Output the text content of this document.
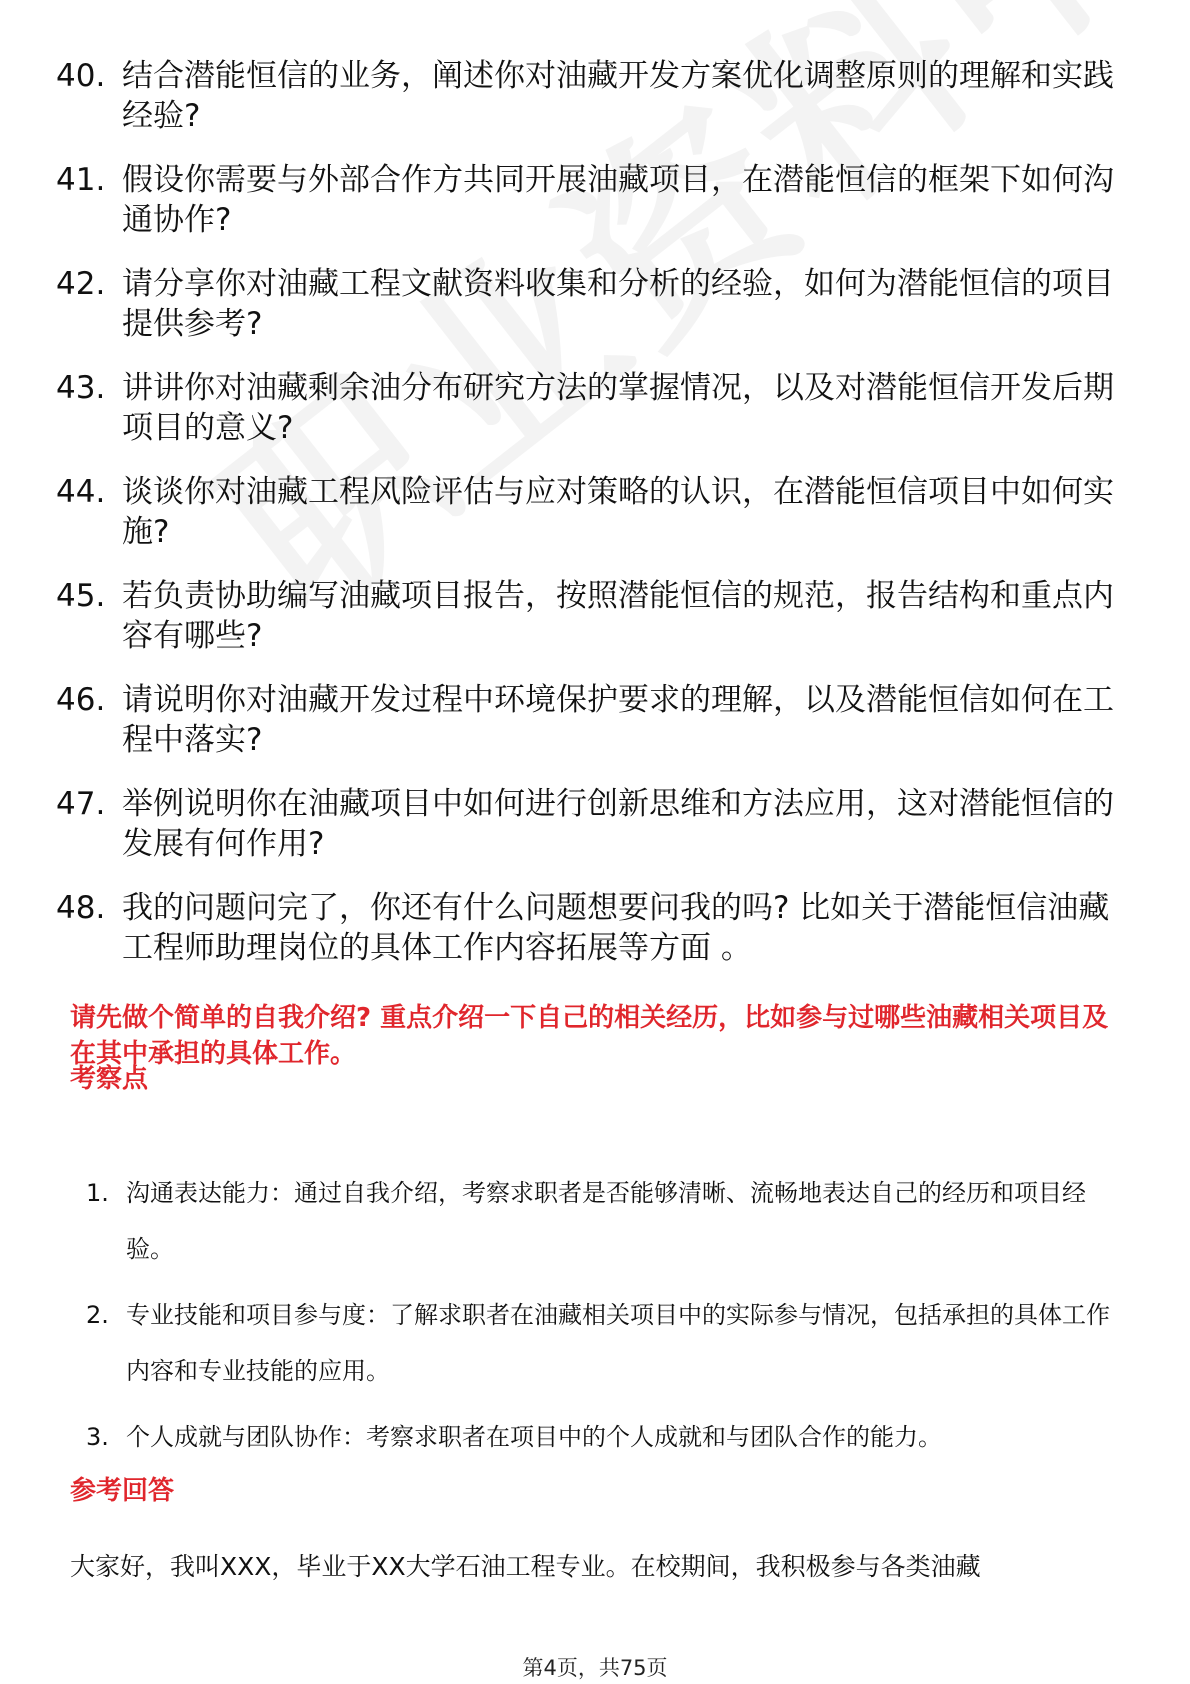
40. 结合潜能恒信的业务，阐述你对油藏开发方案优化调整原则的理解和实践经验?
41. 假设你需要与外部合作方共同开展油藏项目，在潜能恒信的框架下如何沟通协作?
42. 请分享你对油藏工程文献资料收集和分析的经验，如何为潜能恒信的项目提供参考?
43. 讲讲你对油藏剩余油分布研究方法的掌握情况，以及对潜能恒信开发后期项目的意义?
44. 谈谈你对油藏工程风险评估与应对策略的认识，在潜能恒信项目中如何实施?
45. 若负责协助编写油藏项目报告，按照潜能恒信的规范，报告结构和重点内容有哪些?
46. 请说明你对油藏开发过程中环境保护要求的理解，以及潜能恒信如何在工程中落实?
47. 举例说明你在油藏项目中如何进行创新思维和方法应用，这对潜能恒信的发展有何作用?
48. 我的问题问完了，你还有什么问题想要问我的吗? 比如关于潜能恒信油藏工程师助理岗位的具体工作内容拓展等方面 。
请先做个简单的自我介绍? 重点介绍一下自己的相关经历，比如参与过哪些油藏相关项目及在其中承担的具体工作。
考察点
1. 沟通表达能力：通过自我介绍，考察求职者是否能够清晰、流畅地表达自己的经历和项目经验。
2. 专业技能和项目参与度：了解求职者在油藏相关项目中的实际参与情况，包括承担的具体工作内容和专业技能的应用。
3. 个人成就与团队协作：考察求职者在项目中的个人成就和与团队合作的能力。
参考回答
大家好，我叫XXX，毕业于XX大学石油工程专业。在校期间，我积极参与各类油藏
第4页，共75页
